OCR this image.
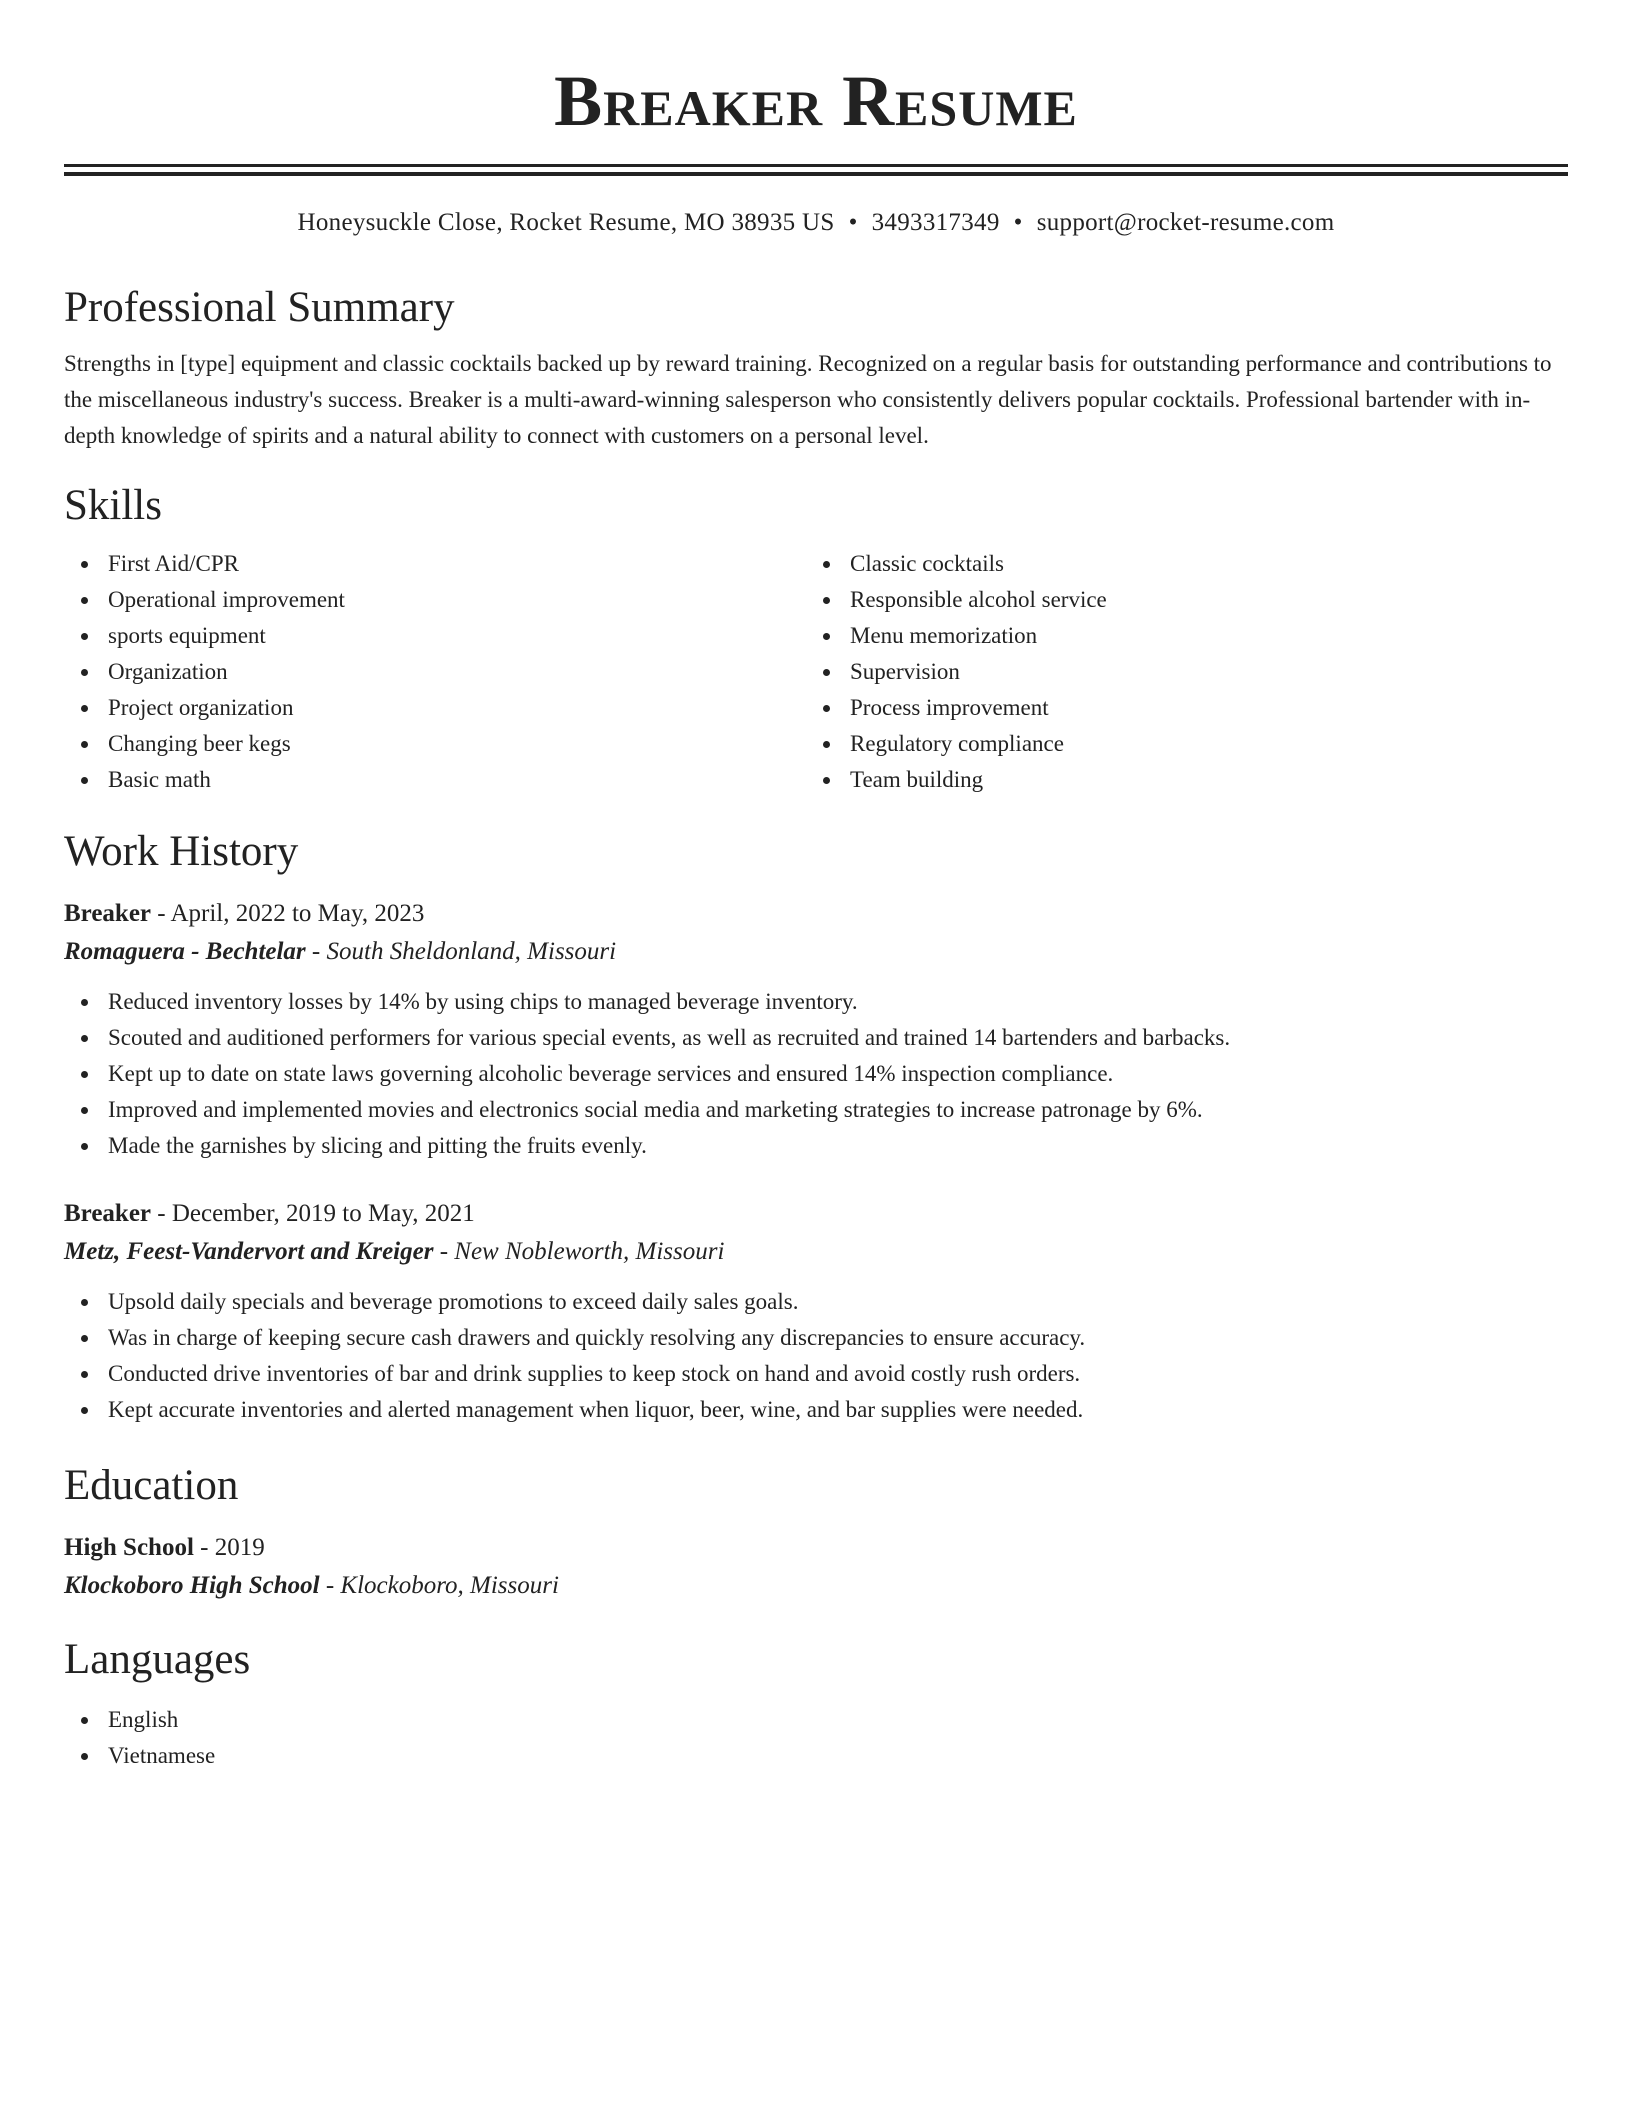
Breaker Resume
Honeysuckle Close, Rocket Resume, MO 38935 US • 3493317349 • support@rocket-resume.com
Professional Summary

Strengths in [type] equipment and classic cocktails backed up by reward training. Recognized on a regular basis for outstanding performance and contributions to the miscellaneous industry's success. Breaker is a multi-award-winning salesperson who consistently delivers popular cocktails. Professional bartender with in-depth knowledge of spirits and a natural ability to connect with customers on a personal level.

Skills
First Aid/CPR
Operational improvement
sports equipment
Organization
Project organization
Changing beer kegs
Basic math
Classic cocktails
Responsible alcohol service
Menu memorization
Supervision
Process improvement
Regulatory compliance
Team building
Work History
Breaker - April, 2022 to May, 2023
Romaguera - Bechtelar - South Sheldonland, Missouri
Reduced inventory losses by 14% by using chips to managed beverage inventory.
Scouted and auditioned performers for various special events, as well as recruited and trained 14 bartenders and barbacks.
Kept up to date on state laws governing alcoholic beverage services and ensured 14% inspection compliance.
Improved and implemented movies and electronics social media and marketing strategies to increase patronage by 6%.
Made the garnishes by slicing and pitting the fruits evenly.
Breaker - December, 2019 to May, 2021
Metz, Feest-Vandervort and Kreiger - New Nobleworth, Missouri
Upsold daily specials and beverage promotions to exceed daily sales goals.
Was in charge of keeping secure cash drawers and quickly resolving any discrepancies to ensure accuracy.
Conducted drive inventories of bar and drink supplies to keep stock on hand and avoid costly rush orders.
Kept accurate inventories and alerted management when liquor, beer, wine, and bar supplies were needed.
Education
High School - 2019
Klockoboro High School - Klockoboro, Missouri
Languages
English
Vietnamese
